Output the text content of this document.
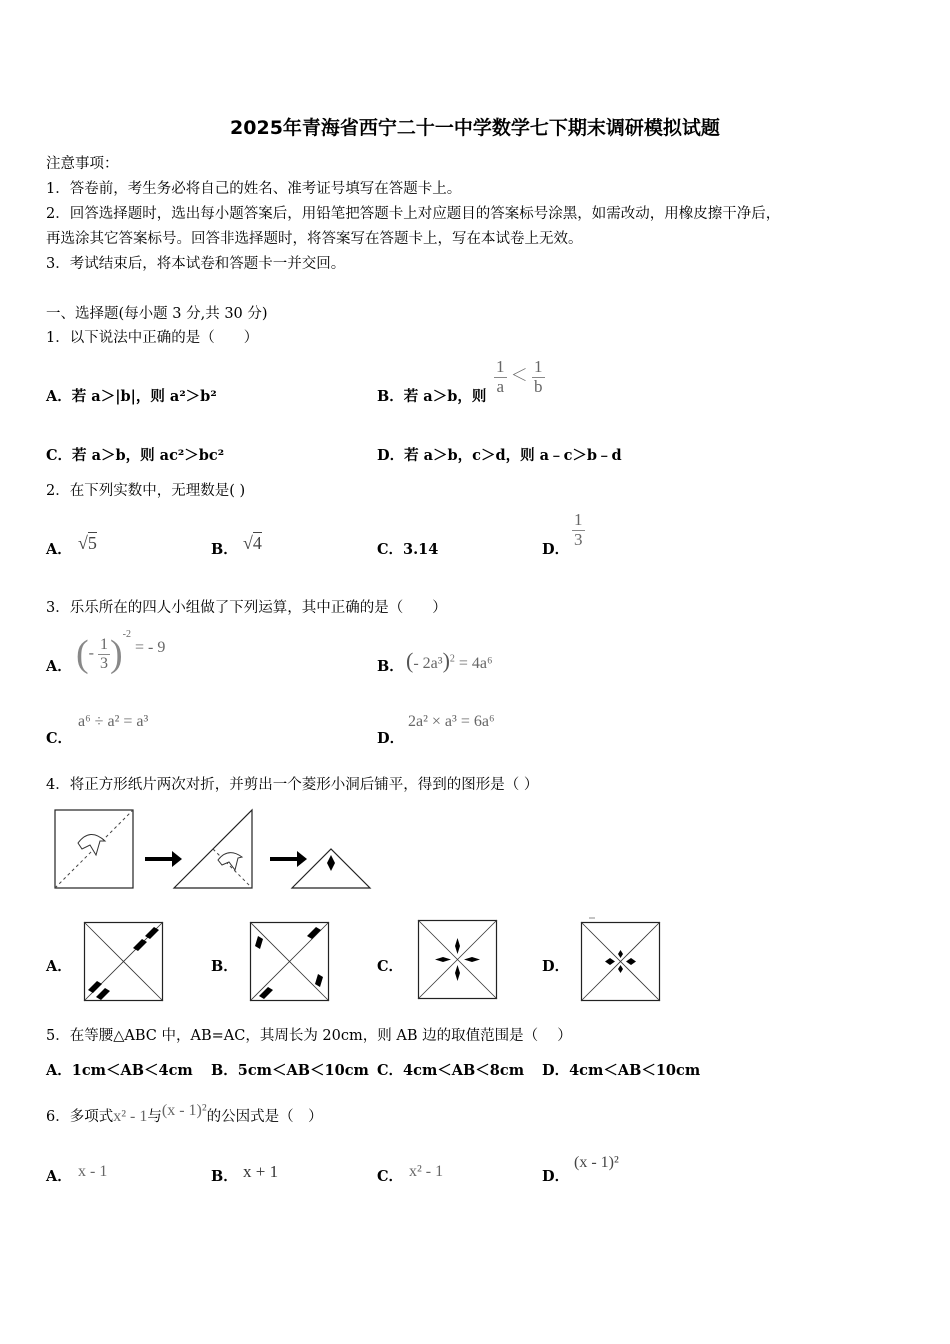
2025年青海省西宁二十一中学数学七下期末调研模拟试题
注意事项：
1．答卷前，考生务必将自己的姓名、准考证号填写在答题卡上。
2．回答选择题时，选出每小题答案后，用铅笔把答题卡上对应题目的答案标号涂黑，如需改动，用橡皮擦干净后，
再选涂其它答案标号。回答非选择题时，将答案写在答题卡上，写在本试卷上无效。
3．考试结束后，将本试卷和答题卡一并交回。
一、选择题(每小题 3 分,共 30 分)
1．以下说法中正确的是（　　）
A．若 a＞|b|，则 a²＞b²	B．若 a＞b，则
$\frac{1}{a} < \frac{1}{b}$
C．若 a＞b，则 ac²＞bc²	D．若 a＞b，c＞d，则 a﹣c＞b﹣d
2．在下列实数中，无理数是( )
A． √5	B． √4	C．3.14	D．
$\frac{1}{3}$
3．乐乐所在的四人小组做了下列运算，其中正确的是（　　）
A． (- $\frac{1}{3} )^{-2}$ = - 9
B． (- 2a³)$^2$ = 4a⁶
C．
a⁶ ÷ a² = a³
D．
2a² × a³ = 6a⁶
4．将正方形纸片两次对折，并剪出一个菱形小洞后铺平，得到的图形是（ ）
A．	B．	C．	D．
5．在等腰△ABC 中，AB=AC，其周长为 20cm，则 AB 边的取值范围是（　 ）
A．1cm＜AB＜4cm B．5cm＜AB＜10cm C．4cm＜AB＜8cm D．4cm＜AB＜10cm
6．多项式x² - 1与(x - 1)²的公因式是（　）
A． x - 1	B． x + 1	C． x² - 1	D．
(x - 1)²
